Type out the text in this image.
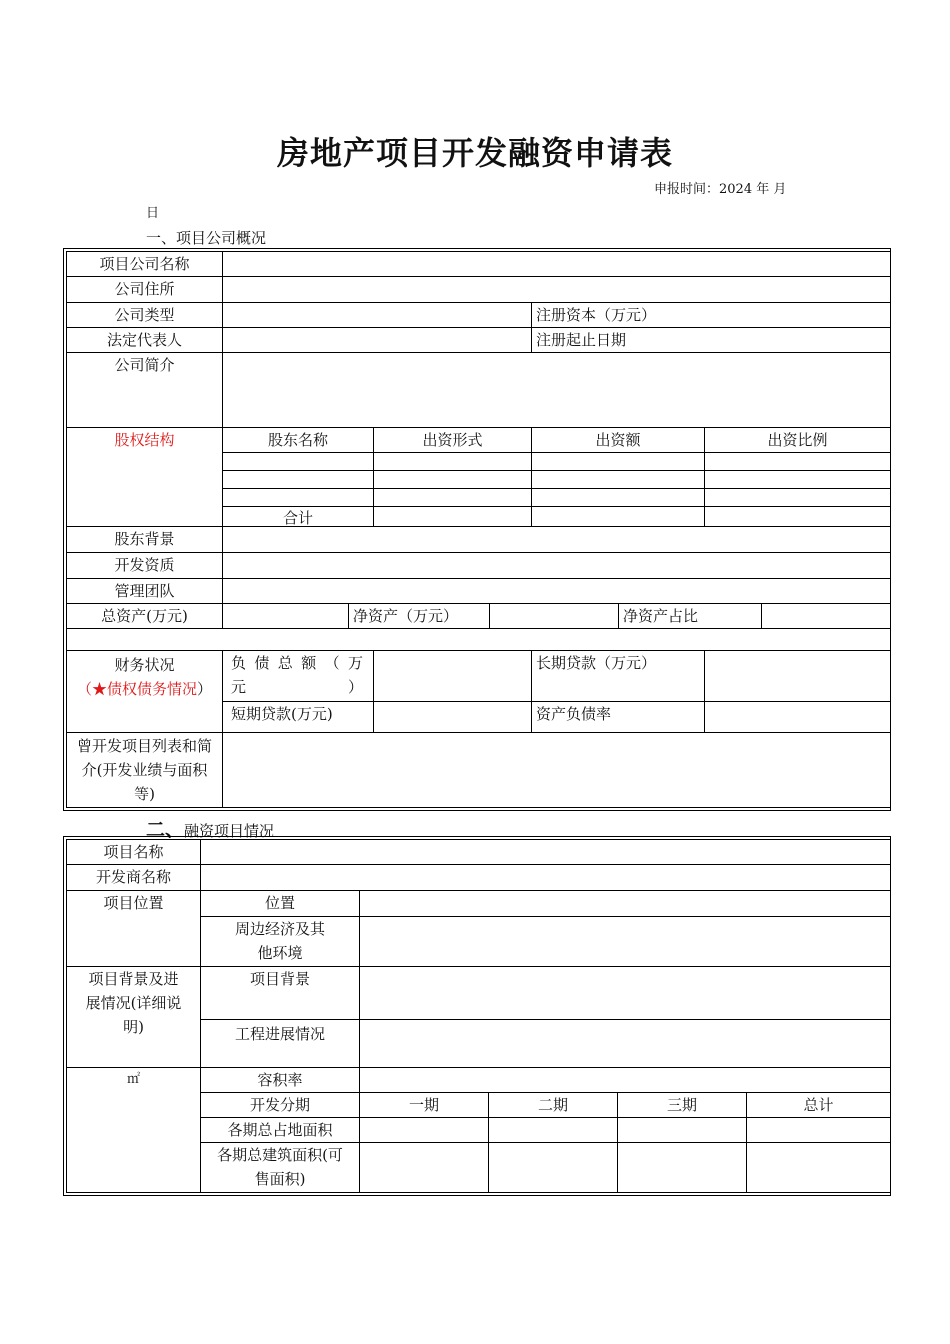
房地产项目开发融资申请表
申报时间：2024 年 月
日
一、项目公司概况
项目公司名称								
公司住所								
公司类型					注册资本（万元）			
法定代表人					注册起止日期			
公司简介								
股权结构	股东名称		出资形式		出资额		出资比例	

	合计							
股东背景								
开发资质								
管理团队								
总资产(万元)		净资产（万元）				净资产占比		

财务状况
（★债权债务情况）	负 债 总 额 （ 万元）				长期贷款（万元）			
	短期贷款(万元)				资产负债率			
曾开发项目列表和简介(开发业绩与面积等)								
二、融资项目情况
项目名称					
开发商名称					
项目位置	位置				
	周边经济及其他环境				
项目背景及进展情况(详细说明)	项目背景				
	工程进展情况				
㎡	容积率				
	开发分期	一期	二期	三期	总计
	各期总占地面积				
	各期总建筑面积(可售面积)				
